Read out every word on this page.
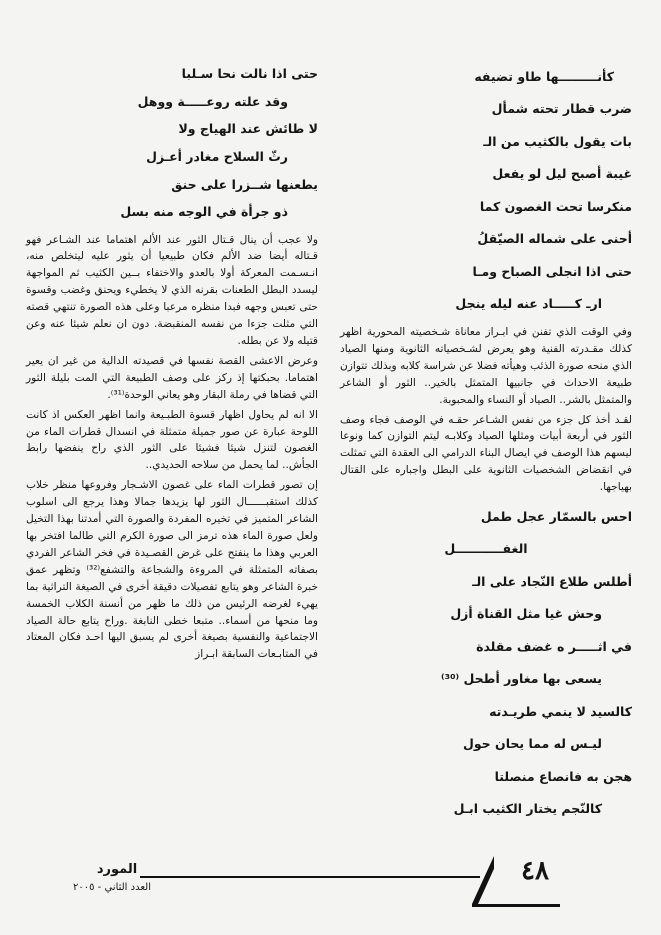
كأنـــــــــها طاو تضيفه
ضرب قطار تحته شمأل
بات يقول بالكثيب من الـ
غيبة أصبح ليل لو يفعل
منكرسا تحت الغصون كما
أحنى على شماله الصيّقلُ
حتى اذا انجلى الصباح ومـا
ارـ كـــــاد عنه ليله ينجل

وفي الوقت الذي تفنن في ابـراز معاناة شـخصيته المحورية اظهر كذلك مقـدرته الفنية وهو يعرض لشـخصياته الثانوية ومنها الصياد الذي منحه صورة الذئب وهيأته فضلا عن شراسة كلابه وبذلك تتوازن طبيعة الاحداث في جانبيها المتمثل بالخير.. الثور أو الشاعر والمتمثل بالشر.. الصياد أو النساء والمحبوبة.

لقـد أخذ كل جزء من نفس الشـاعر حقـه في الوصف فجاء وصف الثور في أربعة أبيات ومثلها الصياد وكلابـه ليتم التوازن كما ونوعا ليسهم هذا الوصف في ايصال البناء الدرامي الى العقدة التي تمثلت في انقضاض الشخصيات الثانوية على البطل واجباره على القتال بهياجها.

احس بالسمّار عجل طمل
الغفـــــــــــل
أطلس طلاع النّجاد على الـ
وحش غيا مثل القناة أزل
في اثـــــر ه غضف مقلدة
يسعى بها مغاور أطحل ⁽³⁰⁾
كالسيد لا ينمي طريـدته
ليـس له مما يحان حول
هجن به فانصاع منصلتا
كالنّجم يختار الكثيب ابـل
حتى اذا نالت نحا سـلبا
وقد علته روعـــــة ووهل
لا طائش عند الهياج ولا
رثّ السلاح مغادر أعـزل
يطعنها شــزرا على حنق
ذو جرأة في الوجه منه بسل

ولا عجب أن ينال قـتال الثور عند الألم اهتماما عند الشـاعر فهو قـتاله أيضا ضد الألم فكان طبيعيا أن يثور عليه ليتخلص منه، انـسـمت المعركة أولا بالعدو والاختفاء بــين الكثيب ثم المواجهة ليسدد البطل الطعنات بقرنه الذي لا يخطيء ويحنق وغضب وقسوة حتى تعبس وجهه فبدا منظره مرعبا وعلى هذه الصورة تنتهي قصته التي مثلت جزءا من نفسه المنقبضة. دون ان نعلم شيئا عنه وعن قتيله ولا عن بطله.

وعرض الاعشى القصة نفسها في قصيدته الدالية من غير ان يعير اهتماما. بحبكتها إذ ركز على وصف الطبيعة التي المت بليلة الثور التي قضاها في رملة البقار وهو يعاني الوحدة⁽³¹⁾.

الا انه لم يحاول اظهار قسوة الطبـيعة وانما اظهر العكس اذ كانت اللوحة عبارة عن صور جميلة متمثلة في انسدال قطرات الماء من الغصون لتنزل شيئا فشيئا على الثور الذي راح ينفضها رابط الجأش.. لما يحمل من سلاحه الحديدي..

إن تصور قطرات الماء على غصون الاشـجار وفروعها منظر خلاب كذلك استقبــــــال الثور لها يزيدها جمالا وهذا يرجع الى اسلوب الشاعر المتميز في تخيره المفردة والصورة التي أمدتنا بهذا التخيل ولعل صورة الماء هذه ترمز الى صورة الكرم التي طالما افتخر بها العربي وهذا ما ينفتح على غرض القصـيدة في فخر الشاعر الفردي بصفاته المتمثلة في المروءة والشجاعة والتشفع⁽³²⁾ وتظهر عمق خبرة الشاعر وهو يتابع تفصيلات دقيقة أخرى في الصيغة التراثية بما يهيء لغرضه الرئيس من ذلك ما ظهر من أنسنة الكلاب الخمسة وما منحها من أسماء.. متبعا خطى النابغة .وراح يتابع حالة الصياد الاجتماعية والنفسية بصيغة أخرى لم يسبق اليها احـد فكان المعتاد في المتابـعات السابقة ابـراز

٤٨
المورد
العدد الثاني - ٢٠٠٥
